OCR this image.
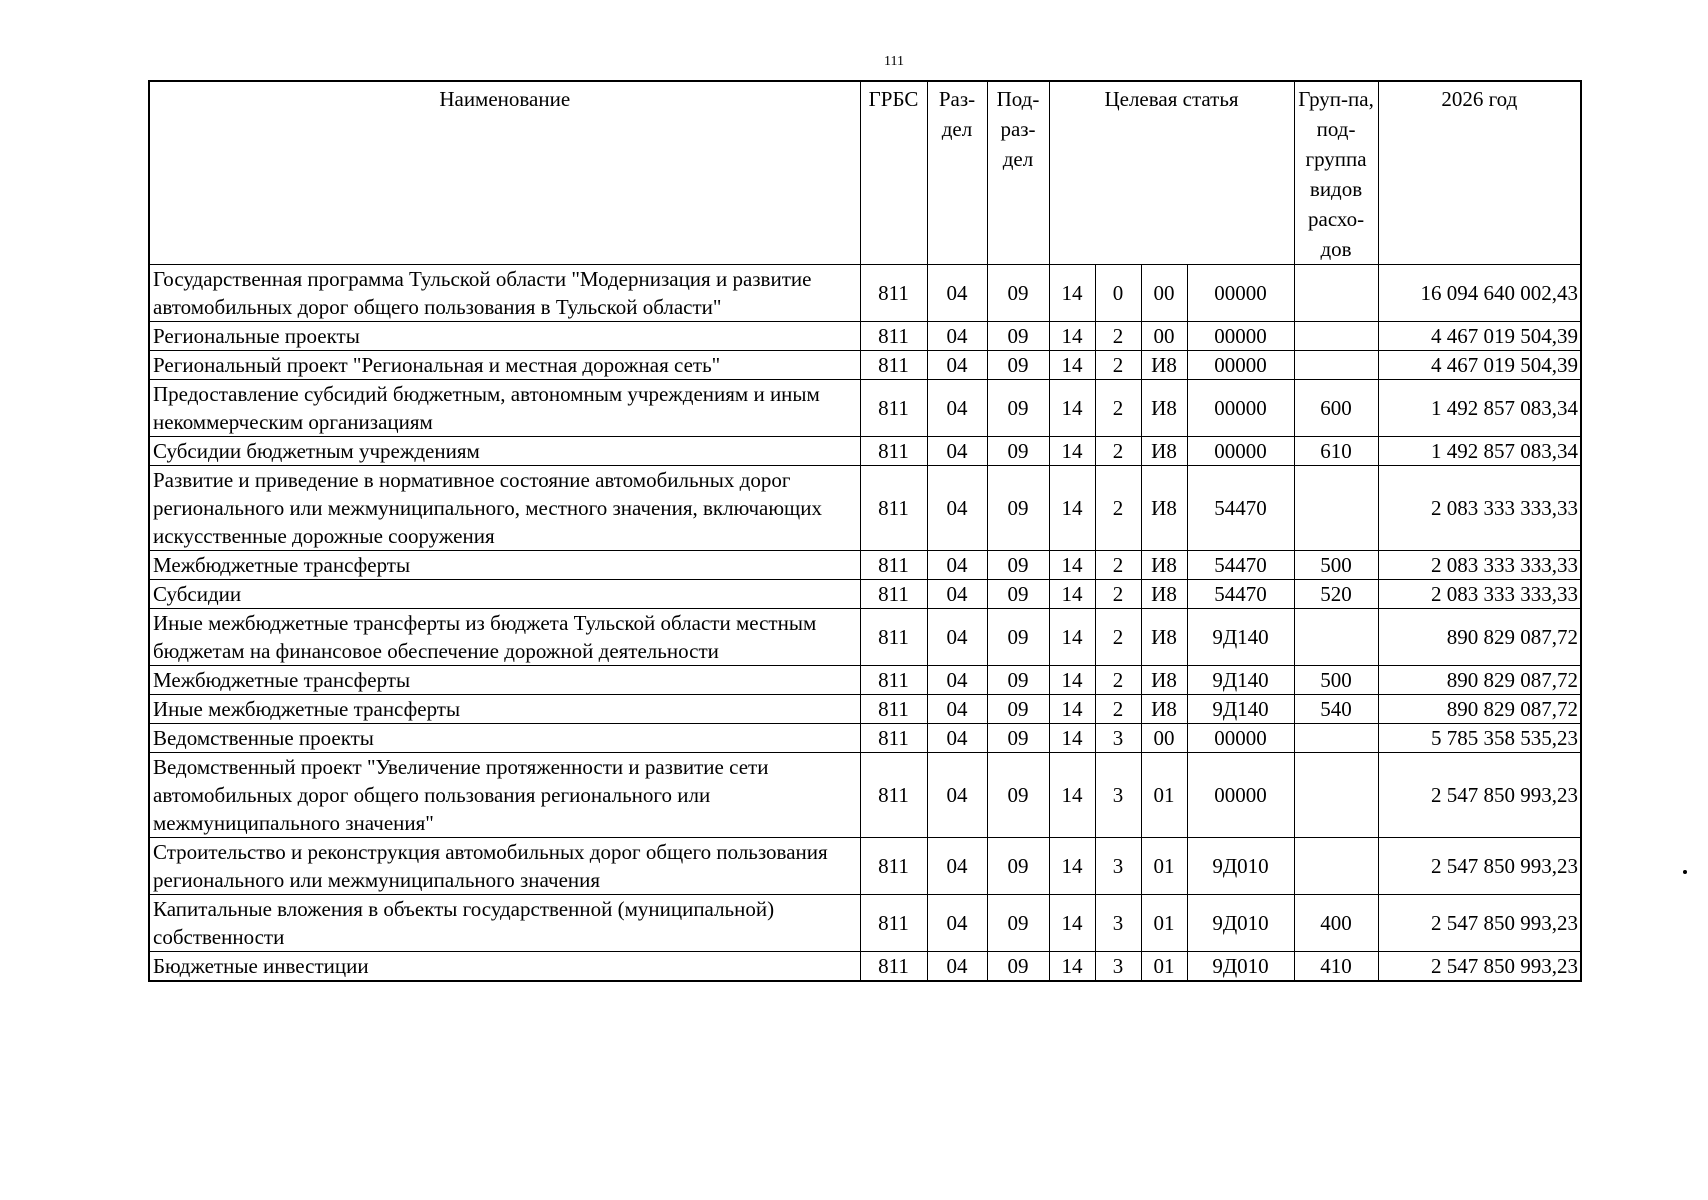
111
Наименование	ГРБС	Раз-дел	Под-раз-дел	Целевая статья				Груп-па, под-группа видов расхо-дов	2026 год
Государственная программа Тульской области "Модернизация и развитие автомобильных дорог общего пользования в Тульской области"	811	04	09	14	0	00	00000		16 094 640 002,43
Региональные проекты	811	04	09	14	2	00	00000		4 467 019 504,39
Региональный проект "Региональная и местная дорожная сеть"	811	04	09	14	2	И8	00000		4 467 019 504,39
Предоставление субсидий бюджетным, автономным учреждениям и иным некоммерческим организациям	811	04	09	14	2	И8	00000	600	1 492 857 083,34
Субсидии бюджетным учреждениям	811	04	09	14	2	И8	00000	610	1 492 857 083,34
Развитие и приведение в нормативное состояние автомобильных дорог регионального или межмуниципального, местного значения, включающих искусственные дорожные сооружения	811	04	09	14	2	И8	54470		2 083 333 333,33
Межбюджетные трансферты	811	04	09	14	2	И8	54470	500	2 083 333 333,33
Субсидии	811	04	09	14	2	И8	54470	520	2 083 333 333,33
Иные межбюджетные трансферты из бюджета Тульской области местным бюджетам на финансовое обеспечение дорожной деятельности	811	04	09	14	2	И8	9Д140		890 829 087,72
Межбюджетные трансферты	811	04	09	14	2	И8	9Д140	500	890 829 087,72
Иные межбюджетные трансферты	811	04	09	14	2	И8	9Д140	540	890 829 087,72
Ведомственные проекты	811	04	09	14	3	00	00000		5 785 358 535,23
Ведомственный проект "Увеличение протяженности и развитие сети автомобильных дорог общего пользования регионального или межмуниципального значения"	811	04	09	14	3	01	00000		2 547 850 993,23
Строительство и реконструкция автомобильных дорог общего пользования регионального или межмуниципального значения	811	04	09	14	3	01	9Д010		2 547 850 993,23
Капитальные вложения в объекты государственной (муниципальной) собственности	811	04	09	14	3	01	9Д010	400	2 547 850 993,23
Бюджетные инвестиции	811	04	09	14	3	01	9Д010	410	2 547 850 993,23
